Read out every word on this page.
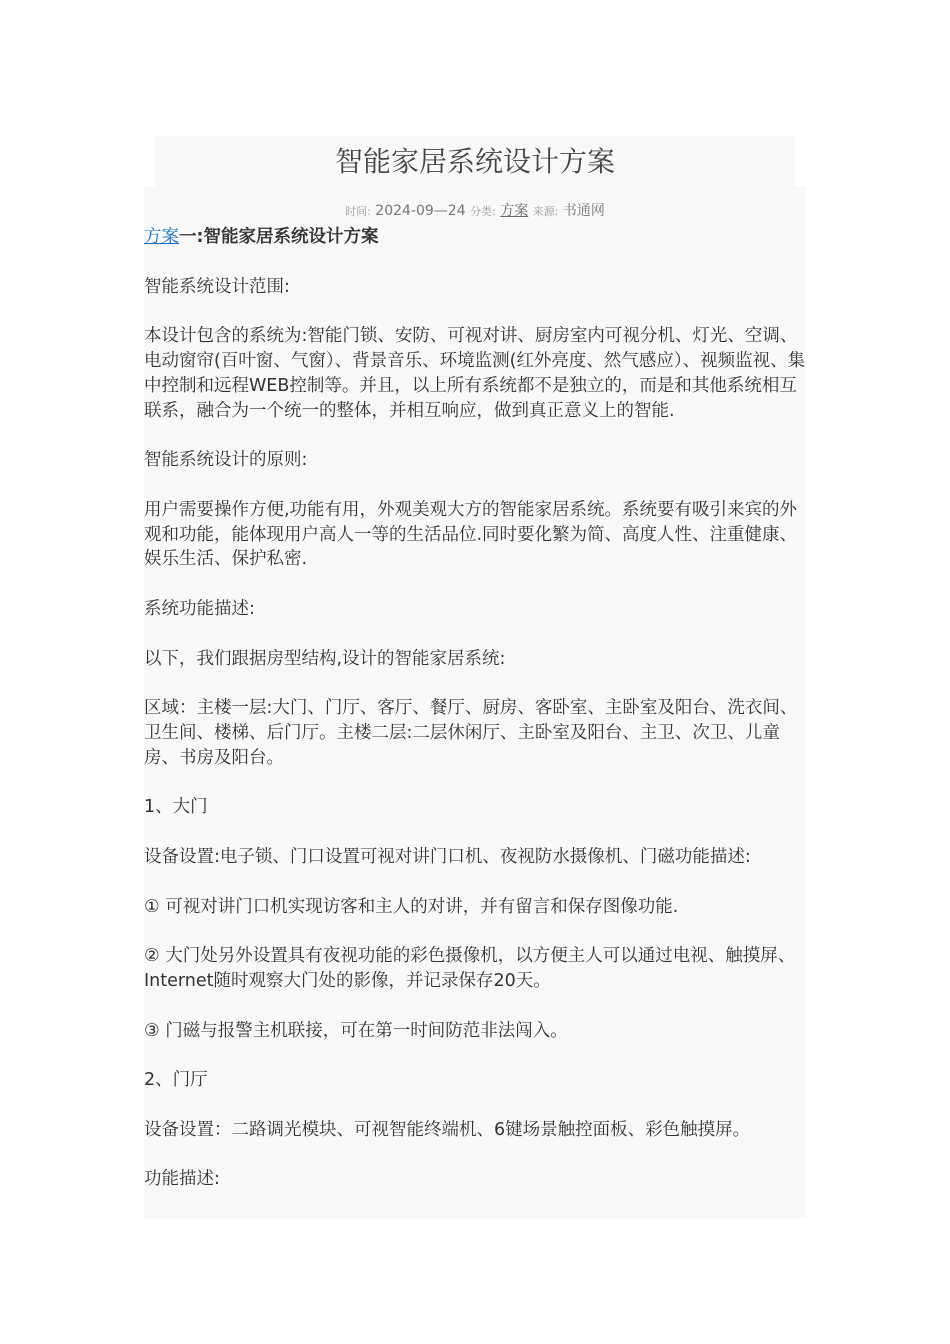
智能家居系统设计方案
时间: 2024-09—24 分类: 方案 来源: 书通网

方案一:智能家居系统设计方案

智能系统设计范围:

本设计包含的系统为:智能门锁、安防、可视对讲、厨房室内可视分机、灯光、空调、电动窗帘(百叶窗、气窗）、背景音乐、环境监测(红外亮度、然气感应）、视频监视、集中控制和远程WEB控制等。并且，以上所有系统都不是独立的，而是和其他系统相互联系，融合为一个统一的整体，并相互响应，做到真正意义上的智能.

智能系统设计的原则:

用户需要操作方便,功能有用，外观美观大方的智能家居系统。系统要有吸引来宾的外观和功能，能体现用户高人一等的生活品位.同时要化繁为简、高度人性、注重健康、娱乐生活、保护私密.

系统功能描述:

以下，我们跟据房型结构,设计的智能家居系统:

区域：主楼一层:大门、门厅、客厅、餐厅、厨房、客卧室、主卧室及阳台、洗衣间、卫生间、楼梯、后门厅。主楼二层:二层休闲厅、主卧室及阳台、主卫、次卫、儿童房、书房及阳台。

1、大门

设备设置:电子锁、门口设置可视对讲门口机、夜视防水摄像机、门磁功能描述:

① 可视对讲门口机实现访客和主人的对讲，并有留言和保存图像功能.

② 大门处另外设置具有夜视功能的彩色摄像机，以方便主人可以通过电视、触摸屏、Internet随时观察大门处的影像，并记录保存20天。

③ 门磁与报警主机联接，可在第一时间防范非法闯入。

2、门厅

设备设置：二路调光模块、可视智能终端机、6键场景触控面板、彩色触摸屏。

功能描述:
